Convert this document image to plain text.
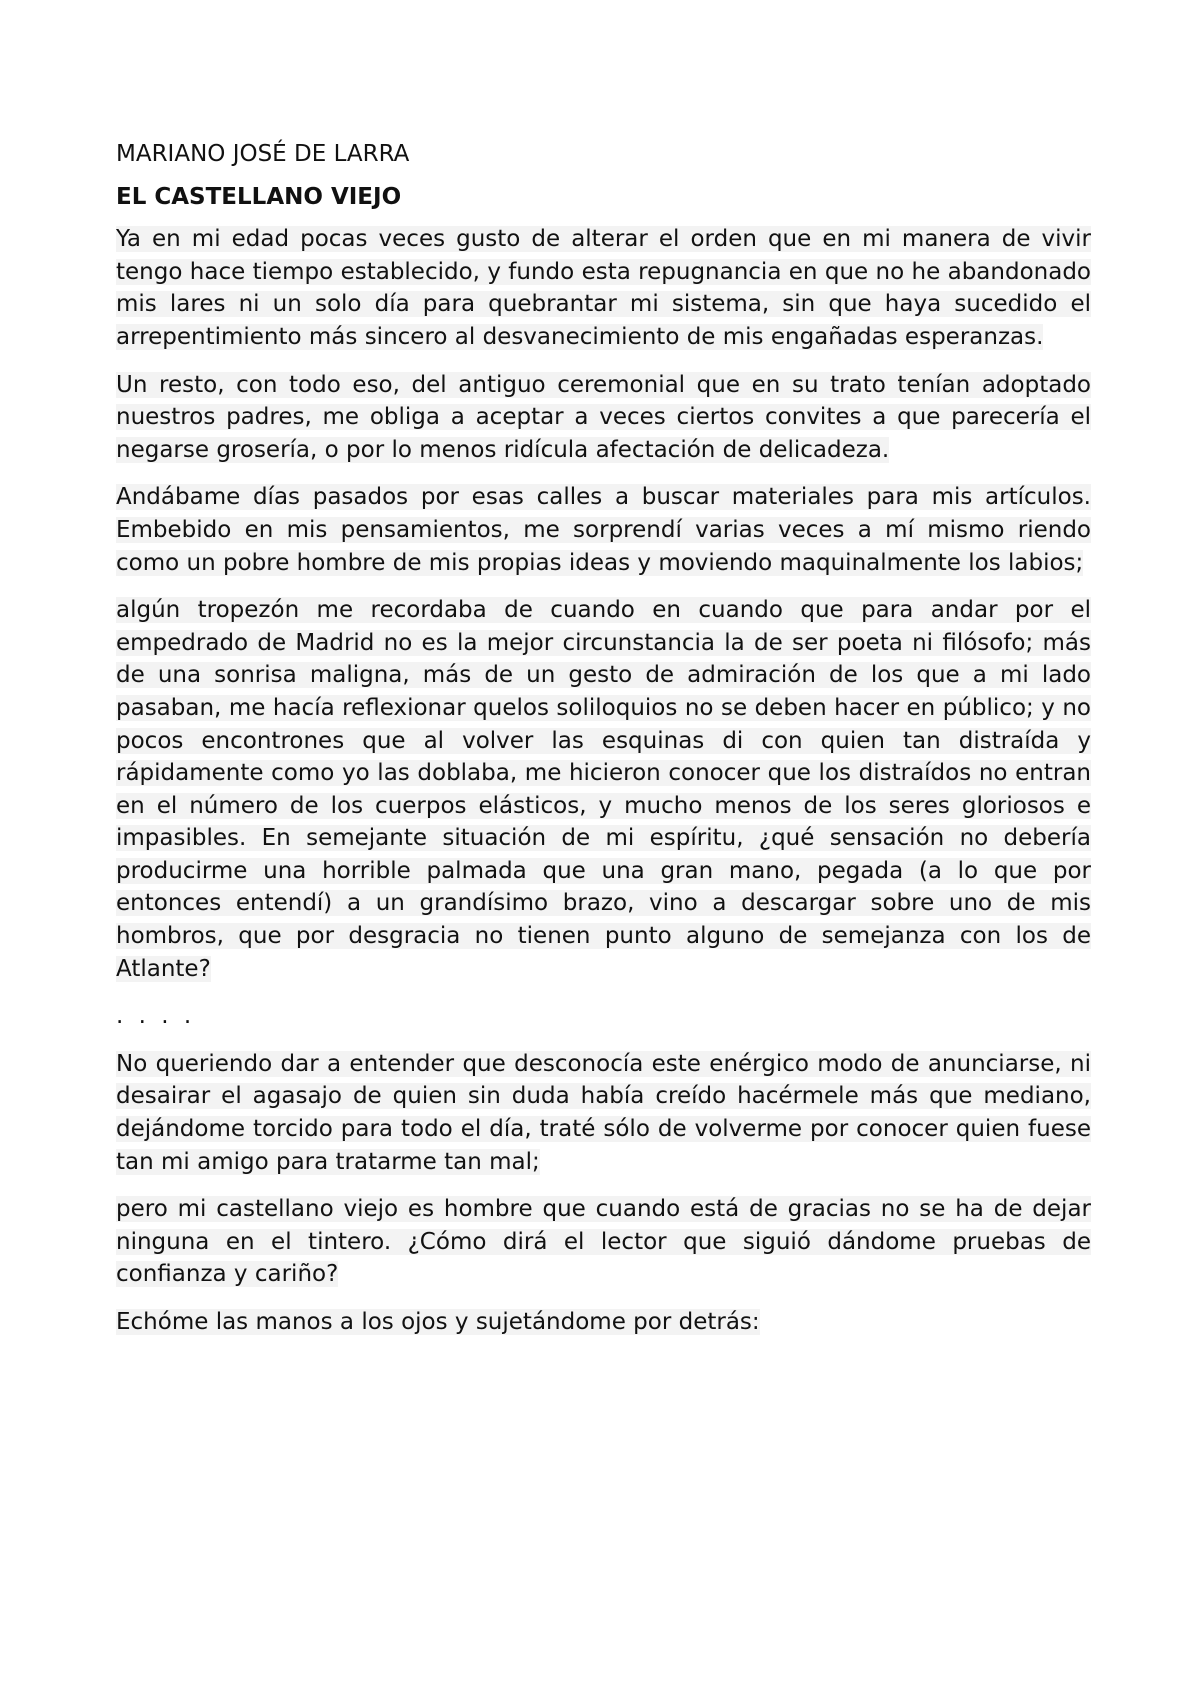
MARIANO JOSÉ DE LARRA
EL CASTELLANO VIEJO

Ya en mi edad pocas veces gusto de alterar el orden que en mi manera de vivir tengo hace tiempo establecido, y fundo esta repugnancia en que no he abandonado mis lares ni un solo día para quebrantar mi sistema, sin que haya sucedido el arrepentimiento más sincero al desvanecimiento de mis engañadas esperanzas.

Un resto, con todo eso, del antiguo ceremonial que en su trato tenían adoptado nuestros padres, me obliga a aceptar a veces ciertos convites a que parecería el negarse grosería, o por lo menos ridícula afectación de delicadeza.

Andábame días pasados por esas calles a buscar materiales para mis artículos. Embebido en mis pensamientos, me sorprendí varias veces a mí mismo riendo como un pobre hombre de mis propias ideas y moviendo maquinalmente los labios;

algún tropezón me recordaba de cuando en cuando que para andar por el empedrado de Madrid no es la mejor circunstancia la de ser poeta ni filósofo; más de una sonrisa maligna, más de un gesto de admiración de los que a mi lado pasaban, me hacía reflexionar quelos soliloquios no se deben hacer en público; y no pocos encontrones que al volver las esquinas di con quien tan distraída y rápidamente como yo las doblaba, me hicieron conocer que los distraídos no entran en el número de los cuerpos elásticos, y mucho menos de los seres gloriosos e impasibles. En semejante situación de mi espíritu, ¿qué sensación no debería producirme una horrible palmada que una gran mano, pegada (a lo que por entonces entendí) a un grandísimo brazo, vino a descargar sobre uno de mis hombros, que por desgracia no tienen punto alguno de semejanza con los de Atlante?

. . . .

No queriendo dar a entender que desconocía este enérgico modo de anunciarse, ni desairar el agasajo de quien sin duda había creído hacérmele más que mediano, dejándome torcido para todo el día, traté sólo de volverme por conocer quien fuese tan mi amigo para tratarme tan mal;

pero mi castellano viejo es hombre que cuando está de gracias no se ha de dejar ninguna en el tintero. ¿Cómo dirá el lector que siguió dándome pruebas de confianza y cariño?

Echóme las manos a los ojos y sujetándome por detrás:
